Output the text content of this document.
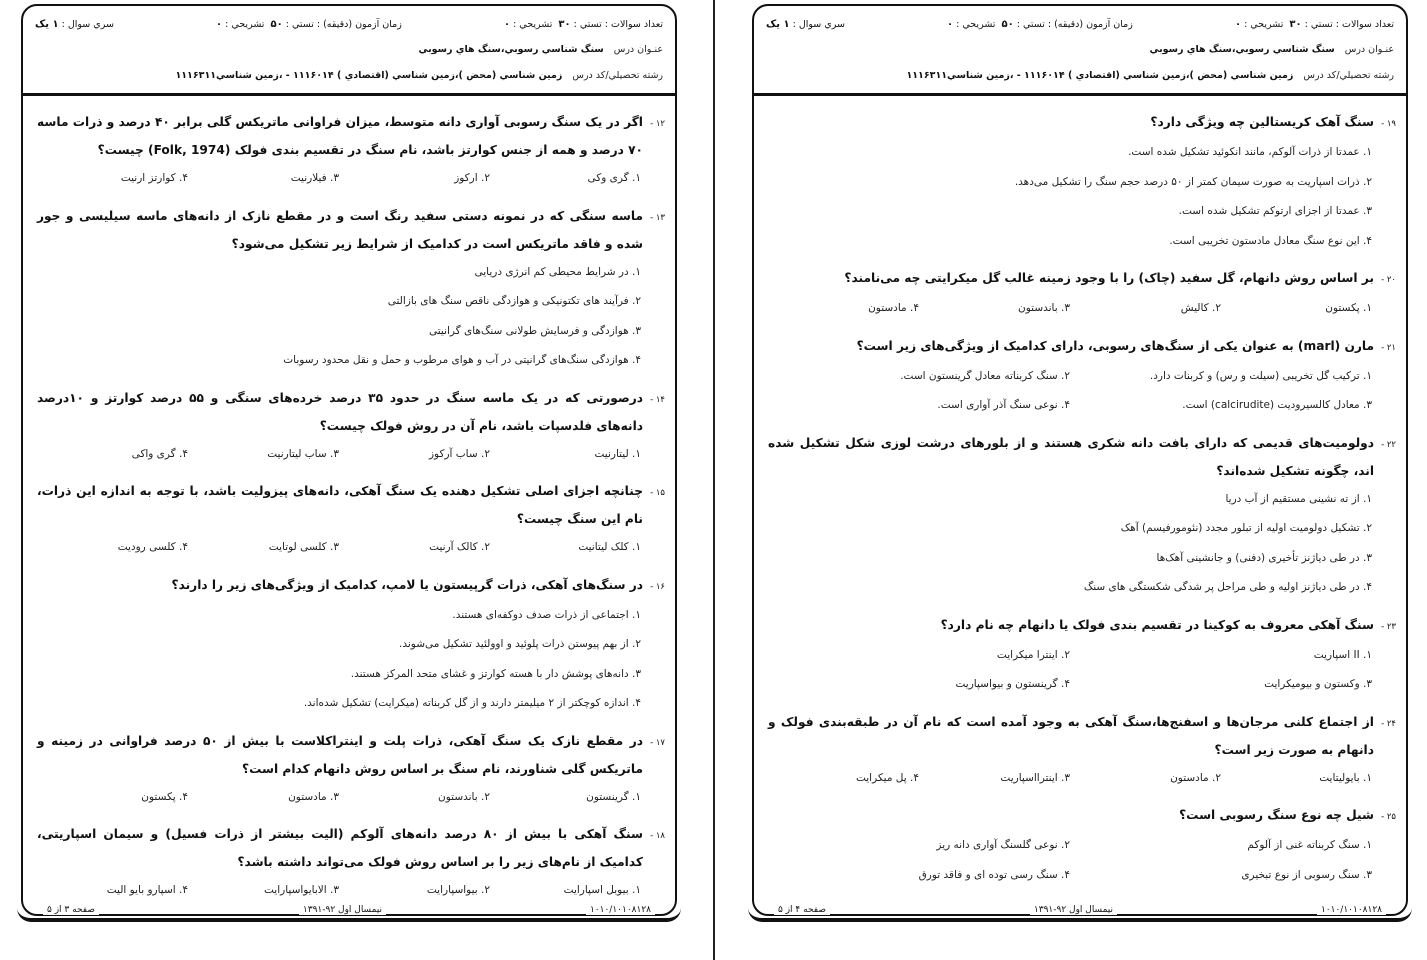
تعداد سوالات : تستي : ۳۰  تشريحي : ۰
زمان آزمون (دقيقه) : تستي : ۵۰  تشريحي : ۰
سري سوال : ۱ يک
عنـوان درس
سنگ شناسي رسوبي،سنگ هاي رسوبي
رشته تحصيلي/کد درس
زمين شناسي (محض )،زمين شناسي (اقتصادي ) ۱۱۱۶۰۱۴ - ،زمين شناسي۱۱۱۶۳۱۱
۱۹ -
سنگ آهک کريستالين چه ويژگی دارد؟
۱. عمدتا از ذرات آلوکم، مانند انکوئيد تشکيل شده است.
۲. ذرات اسپاريت به صورت سيمان کمتر از ۵۰ درصد حجم سنگ را تشکيل می‌دهد.
۳. عمدتا از اجزای ارتوکم تشکيل شده است.
۴. اين نوع سنگ معادل مادستون تخريبی است.
۲۰ -
بر اساس روش دانهام، گل سفيد (چاک) را با وجود زمينه غالب گل ميکرايتی چه می‌نامند؟
۱. پکستون
۲. کاليش
۳. باندستون
۴. مادستون
۲۱ -
مارن (marl) به عنوان يکی از سنگ‌های رسوبی، دارای کداميک از ويژگی‌های زير است؟
۱. ترکيب گل تخريبی (سيلت و رس) و کربنات دارد.
۲. سنگ کربناته معادل گرينستون است.
۳. معادل کالسيروديت (calcirudite) است.
۴. نوعی سنگ آذر آواری است.
۲۲ -
دولوميت‌های قديمی که دارای بافت دانه شکری هستند و از بلورهای درشت لوزی شکل تشکيل شده اند، چگونه تشکيل شده‌اند؟
۱. از ته نشينی مستقيم از آب دريا
۲. تشکيل دولوميت اوليه از تبلور مجدد (نئومورفيسم) آهک
۳. در طی دیاژنز تأخیری (دفنی) و جانشینی آهک‌ها
۴. در طی دیاژنز اوليه و طی مراحل پر شدگی شکستگی های سنگ
۲۳ -
سنگ آهکی معروف به کوکينا در تقسيم بندی فولک يا دانهام چه نام دارد؟
۱. II اسپاريت
۲. اينترا ميکرايت
۳. وکستون و بيوميکرايت
۴. گرينستون و بيواسپاريت
۲۴ -
از اجتماع کلنی مرجان‌ها و اسفنج‌ها،سنگ آهکی به وجود آمده است که نام آن در طبقه‌بندی فولک و دانهام به صورت زير است؟
۱. بايولیتايت
۲. مادستون
۳. اينترااسپاريت
۴. پل ميکرايت
۲۵ -
شيل چه نوع سنگ رسوبی است؟
۱. سنگ کربناته غنی از آلوکم
۲. نوعی گلسنگ آواری دانه ريز
۳. سنگ رسوبی از نوع تبخيری
۴. سنگ رسی توده ای و فاقد تورق
۱۰۱۰/۱۰۱۰۸۱۲۸
نيمسال اول ۹۲-۱۳۹۱
صفحه ۴ از ۵
تعداد سوالات : تستي : ۳۰  تشريحي : ۰
زمان آزمون (دقيقه) : تستي : ۵۰  تشريحي : ۰
سري سوال : ۱ يک
عنـوان درس
سنگ شناسي رسوبي،سنگ هاي رسوبي
رشته تحصيلي/کد درس
زمين شناسي (محض )،زمين شناسي (اقتصادي ) ۱۱۱۶۰۱۴ - ،زمين شناسي۱۱۱۶۳۱۱
۱۲ -
اگر در يک سنگ رسوبی آواری دانه متوسط، ميزان فراوانی ماتريکس گلی برابر ۴۰ درصد و ذرات ماسه ۷۰ درصد و همه از جنس کوارتز باشد، نام سنگ در تقسيم بندی فولک (Folk, 1974) چيست؟
۱. گری وکی
۲. ارکوز
۳. فيلارنيت
۴. کوارتز ارنيت
۱۳ -
ماسه سنگی که در نمونه دستی سفيد رنگ است و در مقطع نازک از دانه‌های ماسه سيليسی و جور شده و فاقد ماتريکس است در کداميک از شرايط زير تشکيل می‌شود؟
۱. در شرايط محيطی کم انرژی دريايی
۲. فرآيند های تکتونيکی و هوازدگی ناقص سنگ های بازالتی
۳. هوازدگی و فرسايش طولانی سنگ‌های گرانيتی
۴. هوازدگی سنگ‌های گرانيتی در آب و هوای مرطوب و حمل و نقل محدود رسوبات
۱۴ -
درصورتی که در يک ماسه سنگ در حدود ۳۵ درصد خرده‌های سنگی و ۵۵ درصد کوارتز و ۱۰درصد دانه‌های فلدسپات باشد، نام آن در روش فولک چيست؟
۱. ليتارنيت
۲. ساب آرکوز
۳. ساب ليتارنيت
۴. گری واکی
۱۵ -
چنانچه اجزای اصلی تشکيل دهنده يک سنگ آهکی، دانه‌های پيزوليت باشد، با توجه به اندازه اين ذرات، نام اين سنگ چيست؟
۱. کلک ليتانيت
۲. کالک آرنيت
۳. کلسی لوتايت
۴. کلسی روديت
۱۶ -
در سنگ‌های آهکی، ذرات گرپيستون يا لامپ، کداميک از ويژگی‌های زير را دارند؟
۱. اجتماعی از ذرات صدف دوکفه‌ای هستند.
۲. از بهم پيوستن ذرات پلوئيد و اوولئيد تشکيل می‌شوند.
۳. دانه‌های پوشش دار با هسته کوارتز و غشای متحد المرکز هستند.
۴. اندازه کوچکتر از ۲ ميليمتر دارند و از گل کربناته (ميکرايت) تشکيل شده‌اند.
۱۷ -
در مقطع نازک يک سنگ آهکی، ذرات پلت و اينتراکلاست با بيش از ۵۰ درصد فراوانی در زمينه و ماتريکس گلی شناورند، نام سنگ بر اساس روش دانهام کدام است؟
۱. گرينستون
۲. باندستون
۳. مادستون
۴. پکستون
۱۸ -
سنگ آهکی با بيش از ۸۰ درصد دانه‌های آلوکم (اليت بيشتر از ذرات فسيل) و سيمان اسپاريتی، کداميک از نام‌های زير را بر اساس روش فولک می‌تواند داشته باشد؟
۱. بيوبل اسپارايت
۲. بيواسپارايت
۳. الابايواسپارايت
۴. اسپارو بايو اليت
۱۰۱۰/۱۰۱۰۸۱۲۸
نيمسال اول ۹۲-۱۳۹۱
صفحه ۳ از ۵
